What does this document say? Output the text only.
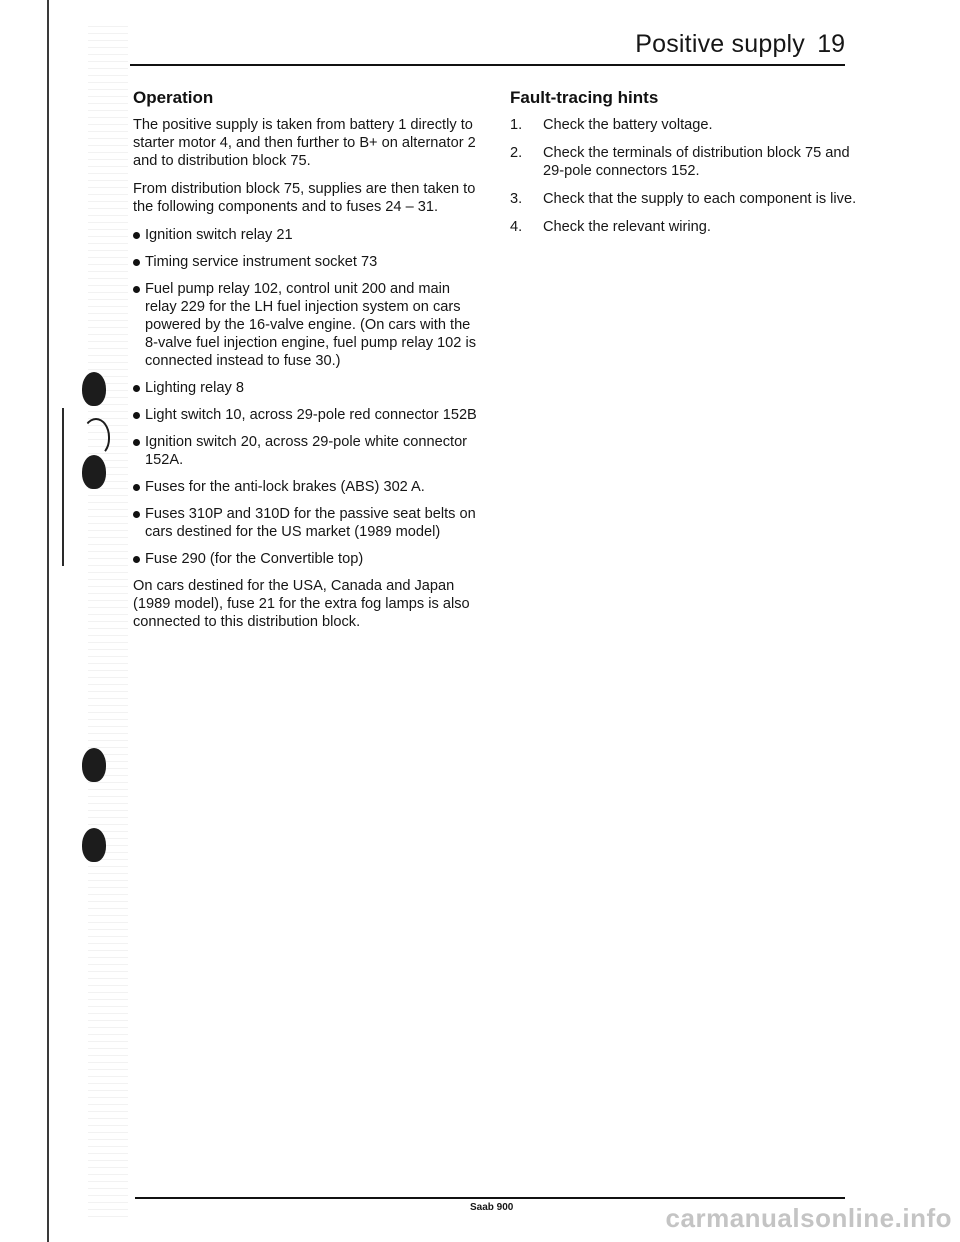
Positive supply 19
Operation

The positive supply is taken from battery 1 directly to starter motor 4, and then further to B+ on alternator 2 and to distribution block 75.

From distribution block 75, supplies are then taken to the following components and to fuses 24 – 31.

Ignition switch relay 21
Timing service instrument socket 73
Fuel pump relay 102, control unit 200 and main relay 229 for the LH fuel injection system on cars powered by the 16-valve engine. (On cars with the 8-valve fuel injection engine, fuel pump relay 102 is connected instead to fuse 30.)
Lighting relay 8
Light switch 10, across 29-pole red connector 152B
Ignition switch 20, across 29-pole white connector 152A.
Fuses for the anti-lock brakes (ABS) 302 A.
Fuses 310P and 310D for the passive seat belts on cars destined for the US market (1989 model)
Fuse 290 (for the Convertible top)

On cars destined for the USA, Canada and Japan (1989 model), fuse 21 for the extra fog lamps is also connected to this distribution block.

Fault-tracing hints
1.	Check the battery voltage.
2.	Check the terminals of distribution block 75 and 29-pole connectors 152.
3.	Check that the supply to each component is live.
4.	Check the relevant wiring.
Saab 900	carmanualsonline.info
